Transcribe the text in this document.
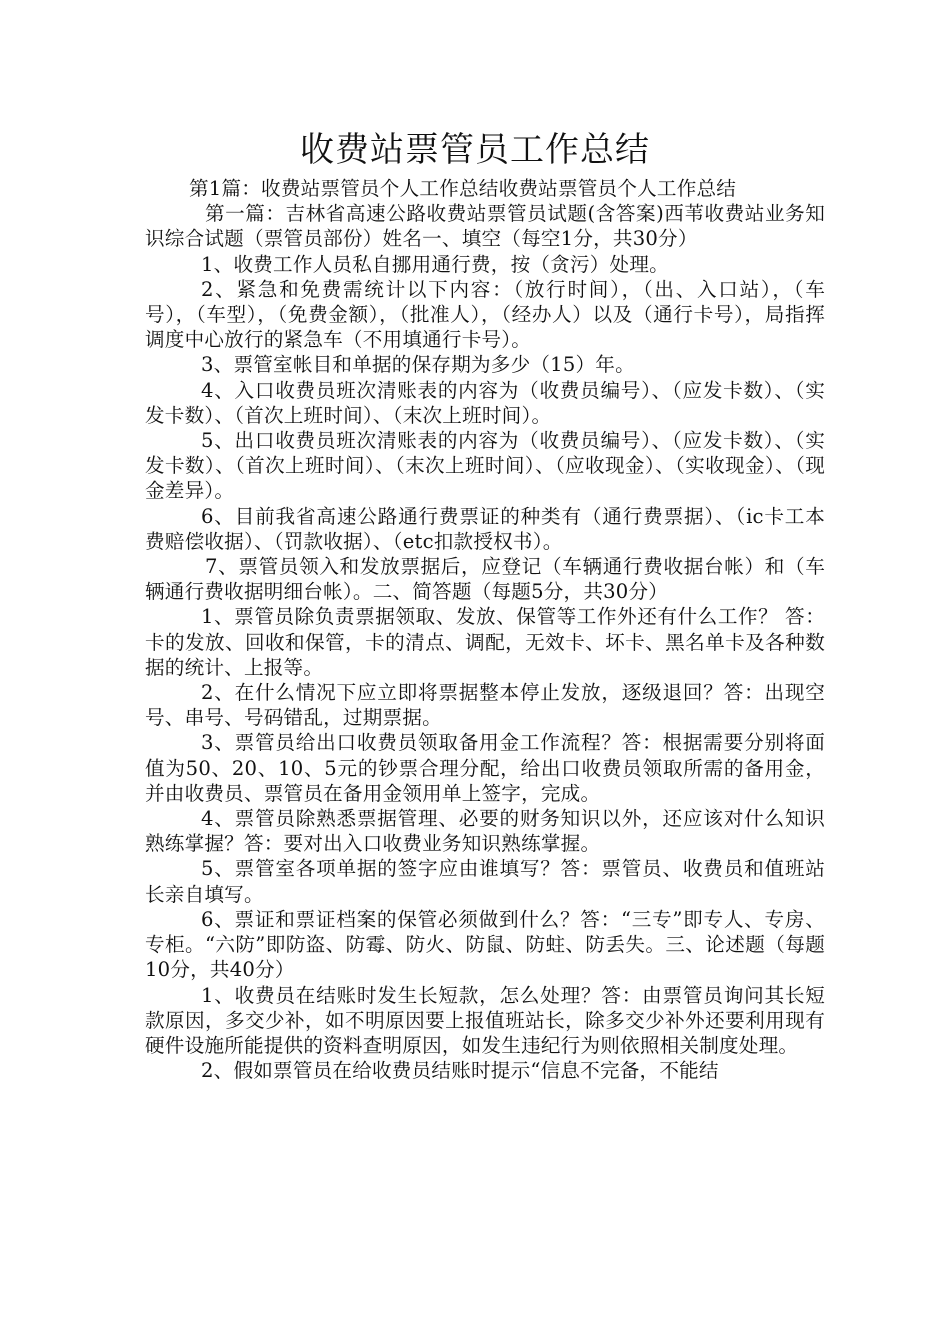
收费站票管员工作总结

第1篇：收费站票管员个人工作总结收费站票管员个人工作总结

第一篇：吉林省高速公路收费站票管员试题(含答案)西苇收费站业务知识综合试题（票管员部份）姓名一、填空（每空1分，共30分）

1、收费工作人员私自挪用通行费，按（贪污）处理。

2、紧急和免费需统计以下内容：（放行时间），（出、入口站），（车号），（车型），（免费金额），（批准人），（经办人）以及（通行卡号），局指挥调度中心放行的紧急车（不用填通行卡号）。

3、票管室帐目和单据的保存期为多少（15）年。

4、入口收费员班次清账表的内容为（收费员编号）、（应发卡数）、（实发卡数）、（首次上班时间）、（末次上班时间）。

5、出口收费员班次清账表的内容为（收费员编号）、（应发卡数）、（实发卡数）、（首次上班时间）、（末次上班时间）、（应收现金）、（实收现金）、（现金差异）。

6、目前我省高速公路通行费票证的种类有（通行费票据）、（ic卡工本费赔偿收据）、（罚款收据）、（etc扣款授权书）。

7、票管员领入和发放票据后，应登记（车辆通行费收据台帐）和（车辆通行费收据明细台帐）。二、简答题（每题5分，共30分）

1、票管员除负责票据领取、发放、保管等工作外还有什么工作？ 答：卡的发放、回收和保管，卡的清点、调配，无效卡、坏卡、黑名单卡及各种数据的统计、上报等。

2、在什么情况下应立即将票据整本停止发放，逐级退回？答：出现空号、串号、号码错乱，过期票据。

3、票管员给出口收费员领取备用金工作流程？答：根据需要分别将面值为50、20、10、5元的钞票合理分配，给出口收费员领取所需的备用金，并由收费员、票管员在备用金领用单上签字，完成。

4、票管员除熟悉票据管理、必要的财务知识以外，还应该对什么知识熟练掌握？答：要对出入口收费业务知识熟练掌握。

5、票管室各项单据的签字应由谁填写？答：票管员、收费员和值班站长亲自填写。

6、票证和票证档案的保管必须做到什么？答：“三专”即专人、专房、专柜。“六防”即防盗、防霉、防火、防鼠、防蛀、防丢失。三、论述题（每题10分，共40分）

1、收费员在结账时发生长短款，怎么处理？答：由票管员询问其长短款原因，多交少补，如不明原因要上报值班站长，除多交少补外还要利用现有硬件设施所能提供的资料查明原因，如发生违纪行为则依照相关制度处理。

2、假如票管员在给收费员结账时提示“信息不完备，不能结
